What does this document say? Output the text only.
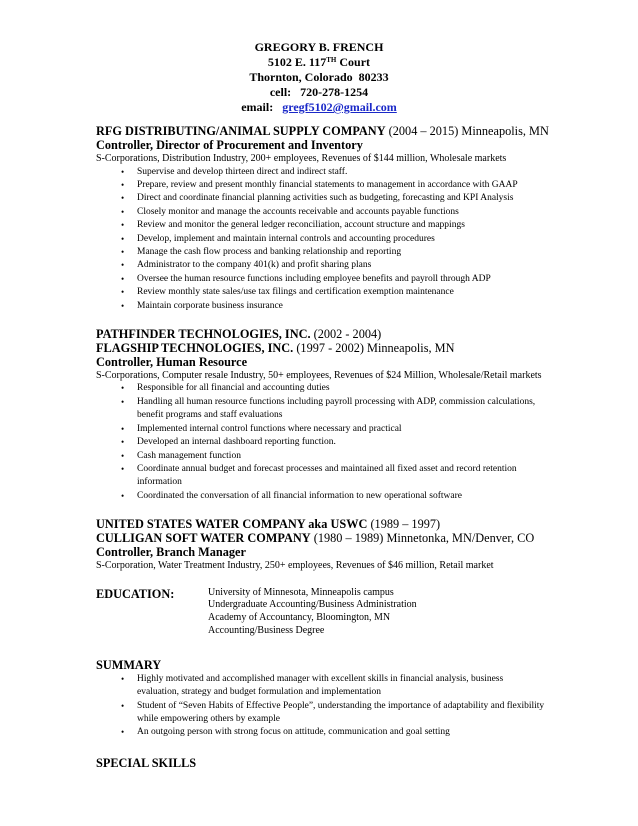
GREGORY B. FRENCH
5102 E. 117TH Court
Thornton, Colorado  80233
cell:   720-278-1254
email: gregf5102@gmail.com
RFG DISTRIBUTING/ANIMAL SUPPLY COMPANY (2004 – 2015) Minneapolis, MN
Controller, Director of Procurement and Inventory
S-Corporations, Distribution Industry, 200+ employees, Revenues of $144 million, Wholesale markets
• Supervise and develop thirteen direct and indirect staff.
• Prepare, review and present monthly financial statements to management in accordance with GAAP
• Direct and coordinate financial planning activities such as budgeting, forecasting and KPI Analysis
• Closely monitor and manage the accounts receivable and accounts payable functions
• Review and monitor the general ledger reconciliation, account structure and mappings
• Develop, implement and maintain internal controls and accounting procedures
• Manage the cash flow process and banking relationship and reporting
• Administrator to the company 401(k) and profit sharing plans
• Oversee the human resource functions including employee benefits and payroll through ADP
• Review monthly state sales/use tax filings and certification exemption maintenance
• Maintain corporate business insurance
PATHFINDER TECHNOLOGIES, INC. (2002 - 2004)
FLAGSHIP TECHNOLOGIES, INC. (1997 - 2002) Minneapolis, MN
Controller, Human Resource
S-Corporations, Computer resale Industry, 50+ employees, Revenues of $24 Million, Wholesale/Retail markets
• Responsible for all financial and accounting duties
• Handling all human resource functions including payroll processing with ADP, commission calculations, benefit programs and staff evaluations
• Implemented internal control functions where necessary and practical
• Developed an internal dashboard reporting function.
• Cash management function
• Coordinate annual budget and forecast processes and maintained all fixed asset and record retention information
• Coordinated the conversation of all financial information to new operational software
UNITED STATES WATER COMPANY aka USWC (1989 – 1997)
CULLIGAN SOFT WATER COMPANY (1980 – 1989) Minnetonka, MN/Denver, CO
Controller, Branch Manager
S-Corporation, Water Treatment Industry, 250+ employees, Revenues of $46 million, Retail market
EDUCATION:	University of Minnesota, Minneapolis campus
Undergraduate Accounting/Business Administration
Academy of Accountancy, Bloomington, MN
Accounting/Business Degree
SUMMARY
• Highly motivated and accomplished manager with excellent skills in financial analysis, business evaluation, strategy and budget formulation and implementation
• Student of “Seven Habits of Effective People”, understanding the importance of adaptability and flexibility while empowering others by example
• An outgoing person with strong focus on attitude, communication and goal setting
SPECIAL SKILLS
